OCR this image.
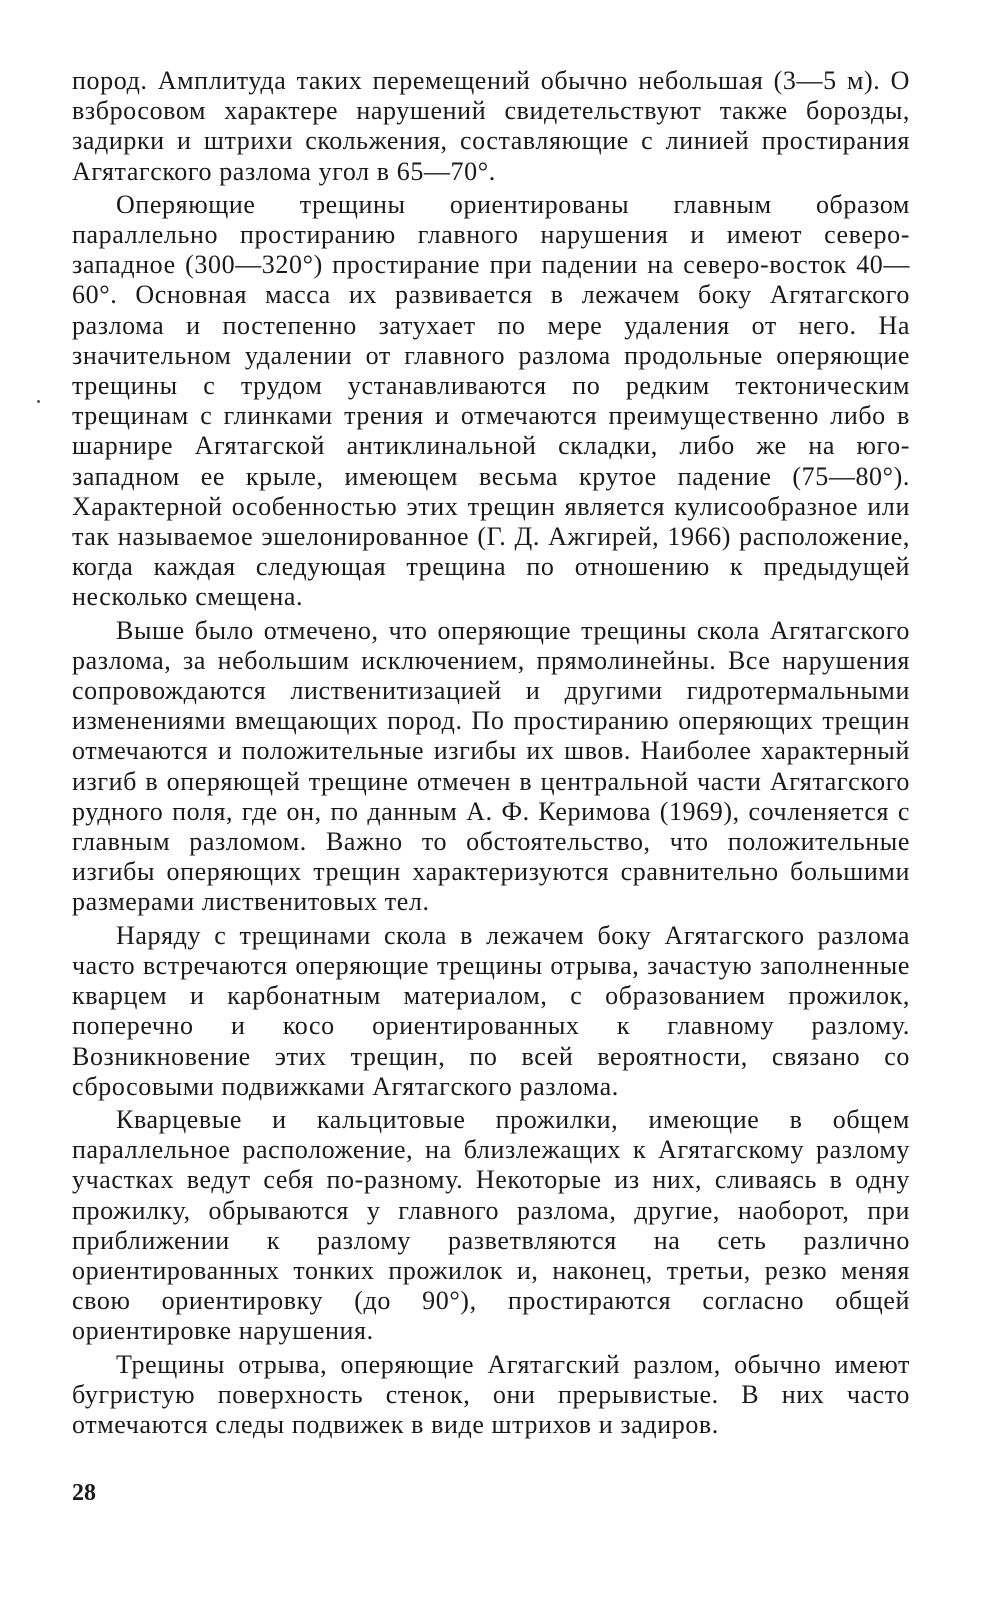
пород. Амплитуда таких перемещений обычно небольшая (3—5 м). О взбросовом характере нарушений свидетельствуют также борозды, задирки и штрихи скольжения, составляющие с линией простирания Агятагского разлома угол в 65—70°.

Оперяющие трещины ориентированы главным образом параллельно простиранию главного нарушения и имеют северо-западное (300—320°) простирание при падении на северо-восток 40—60°. Основная масса их развивается в лежачем боку Агятагского разлома и постепенно затухает по мере удаления от него. На значительном удалении от главного разлома продольные оперяющие трещины с трудом устанавливаются по редким тектоническим трещинам с глинками трения и отмечаются преимущественно либо в шарнире Агятагской антиклинальной складки, либо же на юго-западном ее крыле, имеющем весьма крутое падение (75—80°). Характерной особенностью этих трещин является кулисообразное или так называемое эшелонированное (Г. Д. Ажгирей, 1966) расположение, когда каждая следующая трещина по отношению к предыдущей несколько смещена.

Выше было отмечено, что оперяющие трещины скола Агятагского разлома, за небольшим исключением, прямолинейны. Все нарушения сопровождаются лиственитизацией и другими гидротермальными изменениями вмещающих пород. По простиранию оперяющих трещин отмечаются и положительные изгибы их швов. Наиболее характерный изгиб в оперяющей трещине отмечен в центральной части Агятагского рудного поля, где он, по данным А. Ф. Керимова (1969), сочленяется с главным разломом. Важно то обстоятельство, что положительные изгибы оперяющих трещин характеризуются сравнительно большими размерами лиственитовых тел.

Наряду с трещинами скола в лежачем боку Агятагского разлома часто встречаются оперяющие трещины отрыва, зачастую заполненные кварцем и карбонатным материалом, с образованием прожилок, поперечно и косо ориентированных к главному разлому. Возникновение этих трещин, по всей вероятности, связано со сбросовыми подвижками Агятагского разлома.

Кварцевые и кальцитовые прожилки, имеющие в общем параллельное расположение, на близлежащих к Агятагскому разлому участках ведут себя по-разному. Некоторые из них, сливаясь в одну прожилку, обрываются у главного разлома, другие, наоборот, при приближении к разлому разветвляются на сеть различно ориентированных тонких прожилок и, наконец, третьи, резко меняя свою ориентировку (до 90°), простираются согласно общей ориентировке нарушения.

Трещины отрыва, оперяющие Агятагский разлом, обычно имеют бугристую поверхность стенок, они прерывистые. В них часто отмечаются следы подвижек в виде штрихов и задиров.

28
